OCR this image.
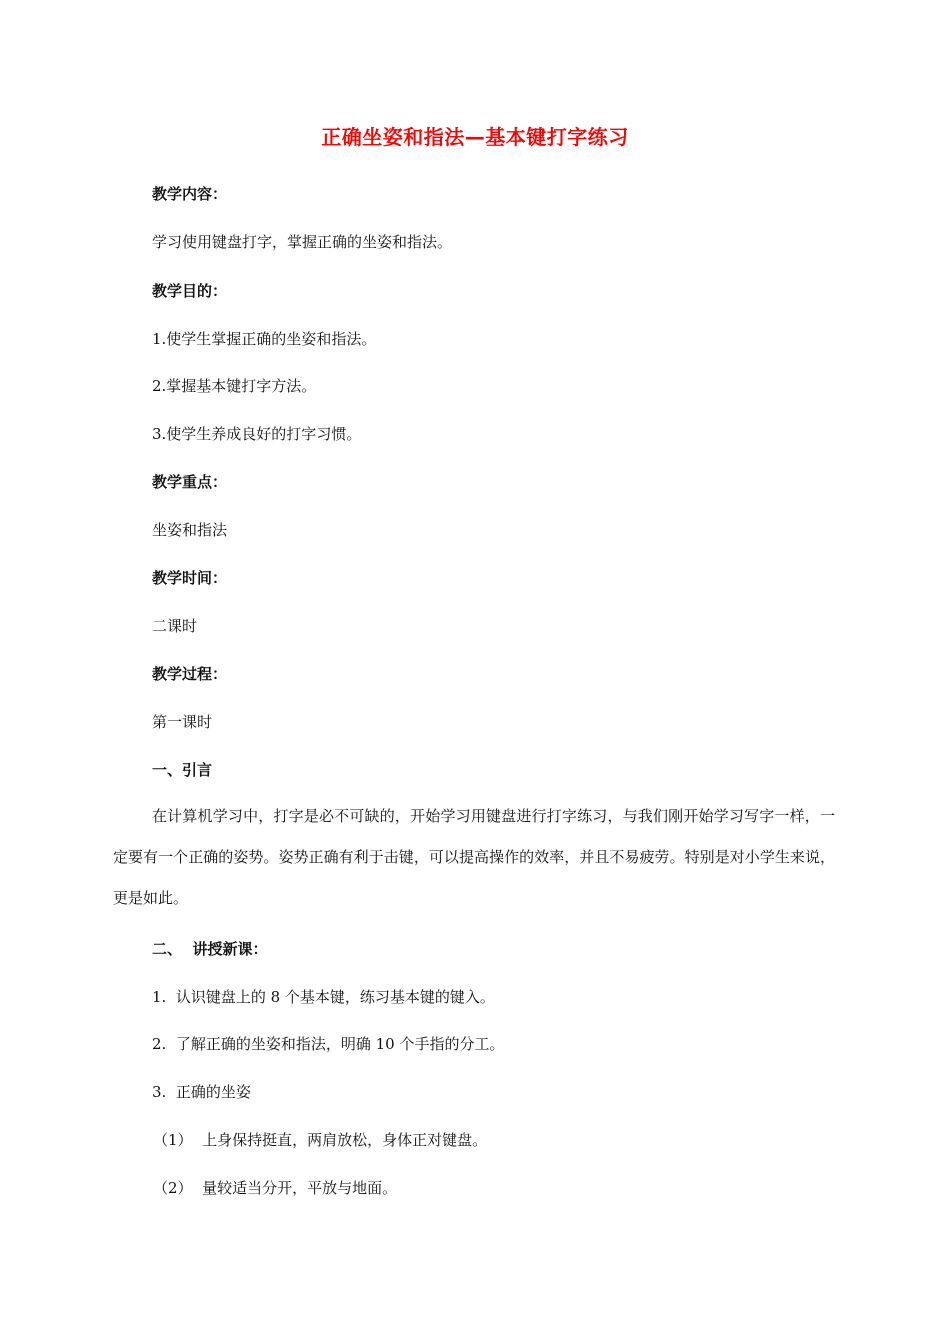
正确坐姿和指法—基本键打字练习
教学内容：
学习使用键盘打字，掌握正确的坐姿和指法。
教学目的：
1.使学生掌握正确的坐姿和指法。
2.掌握基本键打字方法。
3.使学生养成良好的打字习惯。
教学重点：
坐姿和指法
教学时间：
二课时
教学过程：
第一课时
一、引言
在计算机学习中，打字是必不可缺的，开始学习用键盘进行打字练习，与我们刚开始学习写字一样，一定要有一个正确的姿势。姿势正确有利于击键，可以提高操作的效率，并且不易疲劳。特别是对小学生来说，更是如此。
二、  讲授新课：
1.  认识键盘上的 8 个基本键，练习基本键的键入。
2.  了解正确的坐姿和指法，明确 10 个手指的分工。
3.  正确的坐姿
（1）  上身保持挺直，两肩放松，身体正对键盘。
（2）  量较适当分开，平放与地面。
